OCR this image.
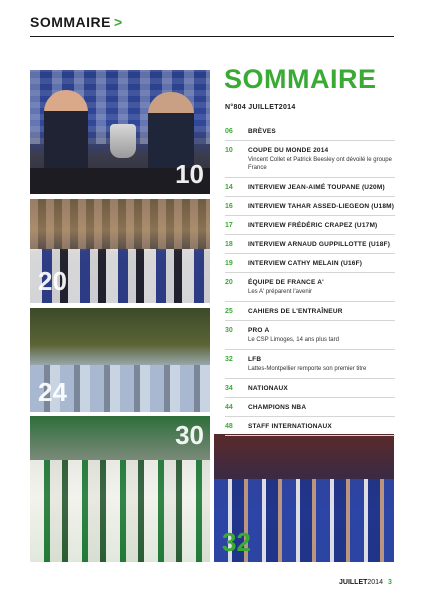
SOMMAIRE >
10
20
24
30
32
SOMMAIRE
N°804 JUILLET2014
06	BRÈVES
10	COUPE DU MONDE 2014
Vincent Collet et Patrick Beesley ont dévoilé le groupe France
14	INTERVIEW JEAN-AIMÉ TOUPANE (U20M)
16	INTERVIEW TAHAR ASSED-LIEGEON (U18M)
17	INTERVIEW FRÉDÉRIC CRAPEZ (U17M)
18	INTERVIEW ARNAUD GUPPILLOTTE (U18F)
19	INTERVIEW CATHY MELAIN (U16F)
20	ÉQUIPE DE FRANCE A'
Les A' préparent l'avenir
25	CAHIERS DE L'ENTRAÎNEUR
30	PRO A
Le CSP Limoges, 14 ans plus tard
32	LFB
Lattes-Montpellier remporte son premier titre
34	NATIONAUX
44	CHAMPIONS NBA
48	STAFF INTERNATIONAUX
JUILLET2014 3
